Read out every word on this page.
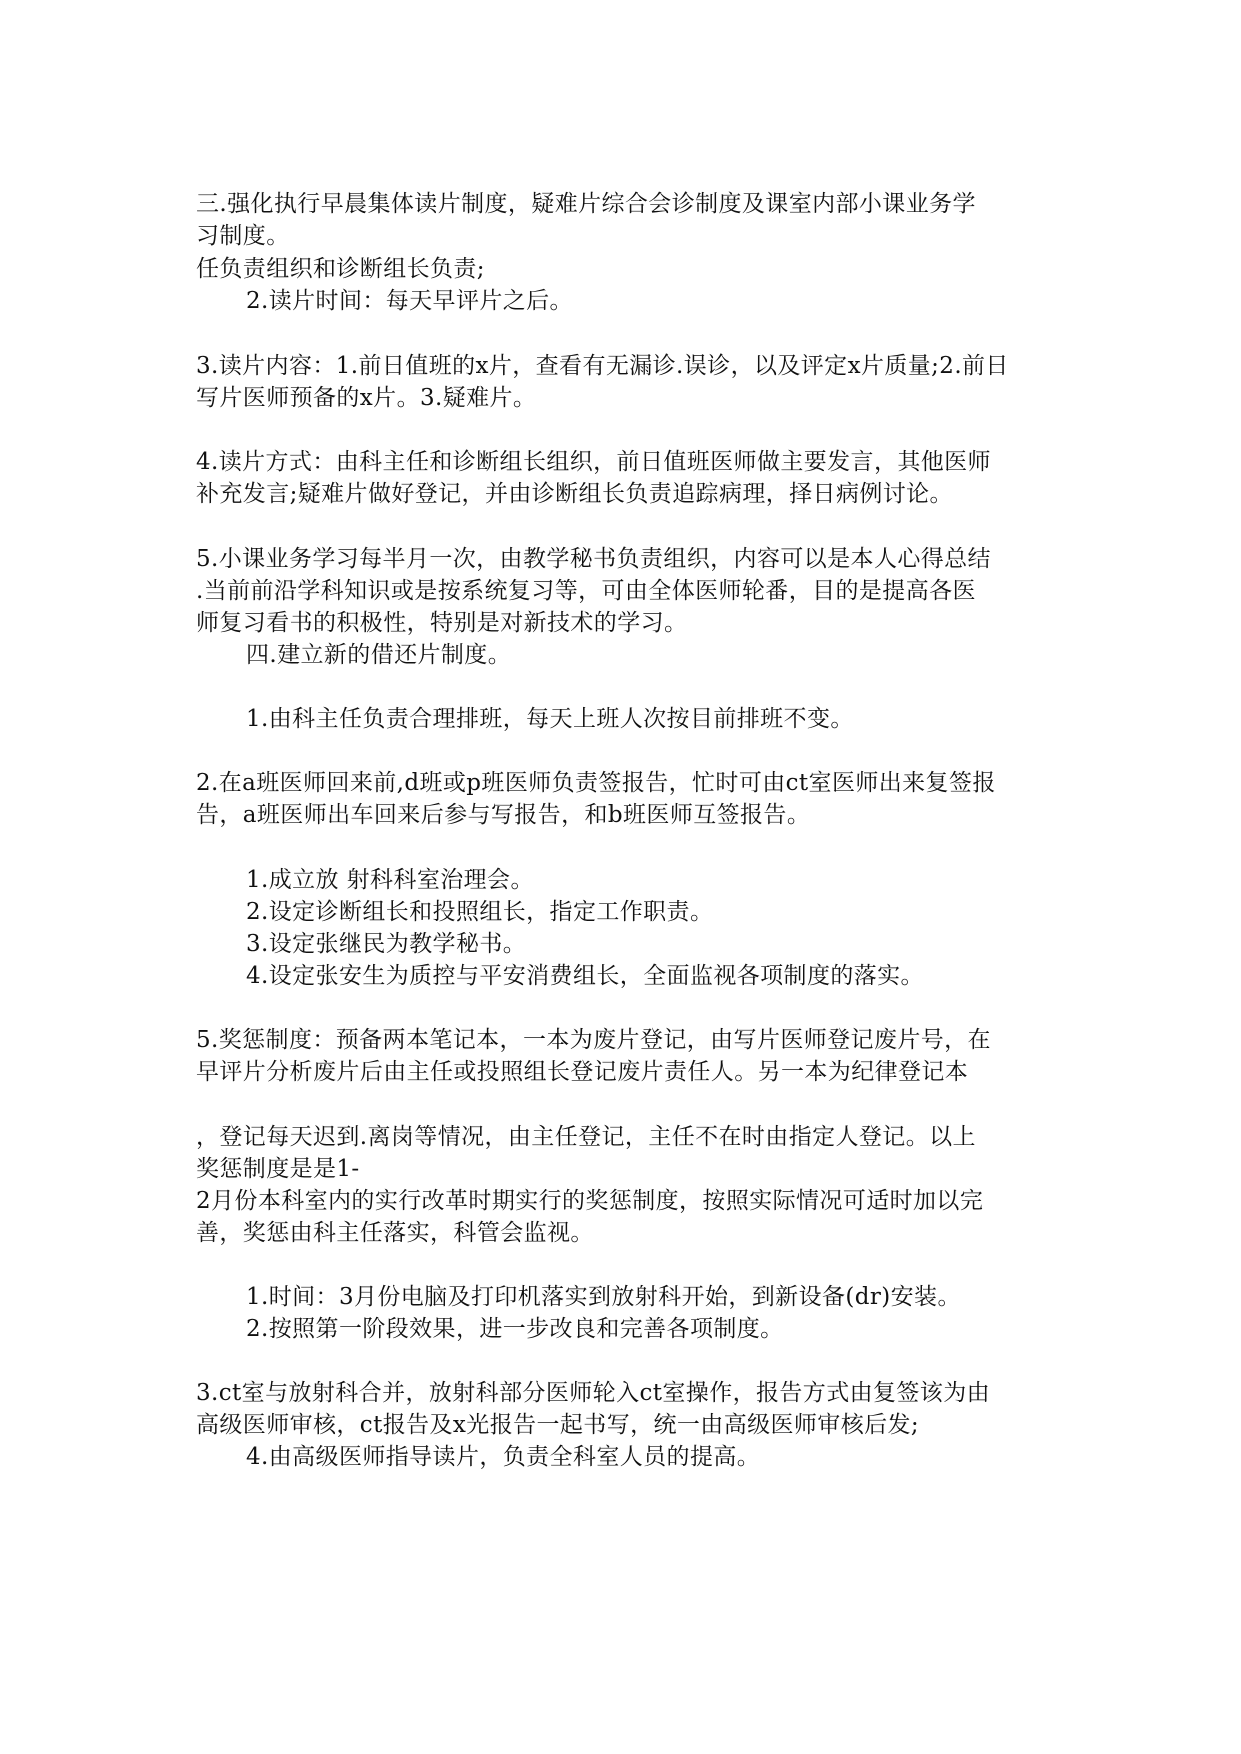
三.强化执行早晨集体读片制度，疑难片综合会诊制度及课室内部小课业务学
习制度。
任负责组织和诊断组长负责;
2.读片时间：每天早评片之后。
3.读片内容：1.前日值班的x片，查看有无漏诊.误诊，以及评定x片质量;2.前日
写片医师预备的x片。3.疑难片。
4.读片方式：由科主任和诊断组长组织，前日值班医师做主要发言，其他医师
补充发言;疑难片做好登记，并由诊断组长负责追踪病理，择日病例讨论。
5.小课业务学习每半月一次，由教学秘书负责组织，内容可以是本人心得总结
.当前前沿学科知识或是按系统复习等，可由全体医师轮番，目的是提高各医
师复习看书的积极性，特别是对新技术的学习。
四.建立新的借还片制度。
1.由科主任负责合理排班，每天上班人次按目前排班不变。
2.在a班医师回来前,d班或p班医师负责签报告，忙时可由ct室医师出来复签报
告，a班医师出车回来后参与写报告，和b班医师互签报告。
1.成立放 射科科室治理会。
2.设定诊断组长和投照组长，指定工作职责。
3.设定张继民为教学秘书。
4.设定张安生为质控与平安消费组长，全面监视各项制度的落实。
5.奖惩制度：预备两本笔记本，一本为废片登记，由写片医师登记废片号，在
早评片分析废片后由主任或投照组长登记废片责任人。另一本为纪律登记本
，登记每天迟到.离岗等情况，由主任登记，主任不在时由指定人登记。以上
奖惩制度是是1-
2月份本科室内的实行改革时期实行的奖惩制度，按照实际情况可适时加以完
善，奖惩由科主任落实，科管会监视。
1.时间：3月份电脑及打印机落实到放射科开始，到新设备(dr)安装。
2.按照第一阶段效果，进一步改良和完善各项制度。
3.ct室与放射科合并，放射科部分医师轮入ct室操作，报告方式由复签该为由
高级医师审核，ct报告及x光报告一起书写，统一由高级医师审核后发;
4.由高级医师指导读片，负责全科室人员的提高。
